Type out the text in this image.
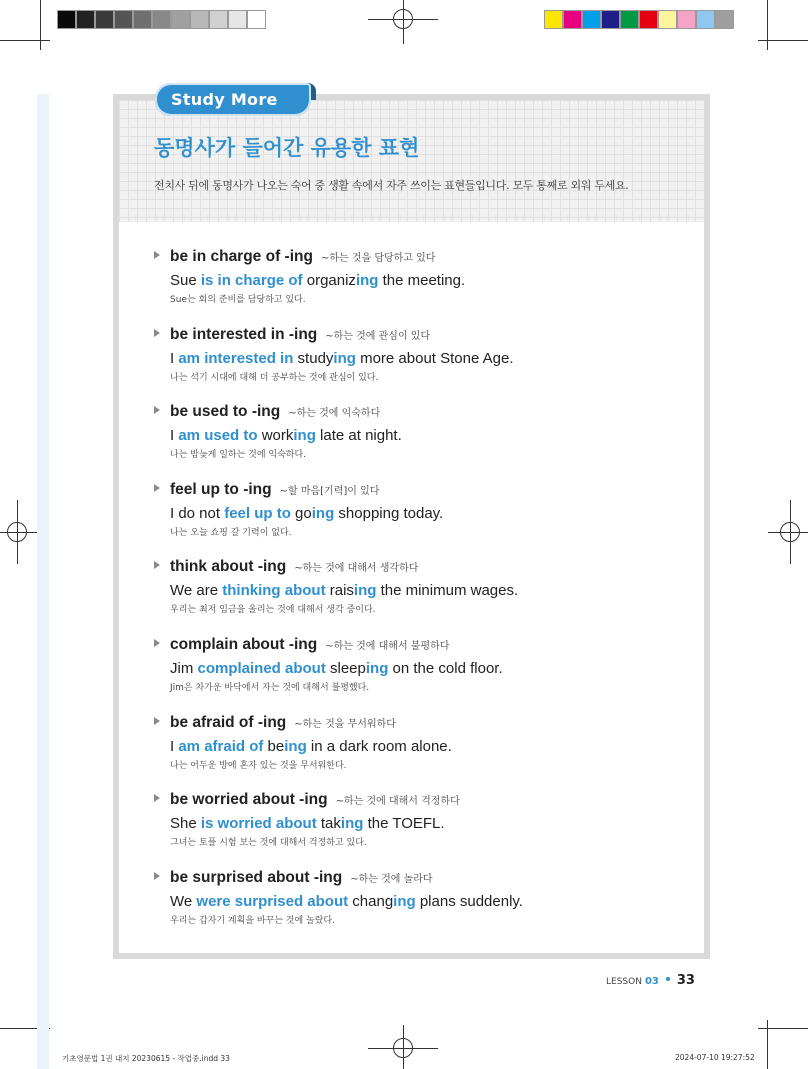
Study More
동명사가 들어간 유용한 표현
전치사 뒤에 동명사가 나오는 숙어 중 생활 속에서 자주 쓰이는 표현들입니다. 모두 통째로 외워 두세요.
be in charge of -ing ~하는 것을 담당하고 있다
Sue is in charge of organizing the meeting.
Sue는 회의 준비를 담당하고 있다.
be interested in -ing ~하는 것에 관심이 있다
I am interested in studying more about Stone Age.
나는 석기 시대에 대해 더 공부하는 것에 관심이 있다.
be used to -ing ~하는 것에 익숙하다
I am used to working late at night.
나는 밤늦게 일하는 것에 익숙하다.
feel up to -ing ~할 마음[기력]이 있다
I do not feel up to going shopping today.
나는 오늘 쇼핑 갈 기력이 없다.
think about -ing ~하는 것에 대해서 생각하다
We are thinking about raising the minimum wages.
우리는 최저 임금을 올리는 것에 대해서 생각 중이다.
complain about -ing ~하는 것에 대해서 불평하다
Jim complained about sleeping on the cold floor.
Jim은 차가운 바닥에서 자는 것에 대해서 불평했다.
be afraid of -ing ~하는 것을 무서워하다
I am afraid of being in a dark room alone.
나는 어두운 방에 혼자 있는 것을 무서워한다.
be worried about -ing ~하는 것에 대해서 걱정하다
She is worried about taking the TOEFL.
그녀는 토플 시험 보는 것에 대해서 걱정하고 있다.
be surprised about -ing ~하는 것에 놀라다
We were surprised about changing plans suddenly.
우리는 갑자기 계획을 바꾸는 것에 놀랐다.
LESSON 03 33
기초영문법 1권 내지 20230615 - 작업중.indd 33	2024-07-10 19:27:52
